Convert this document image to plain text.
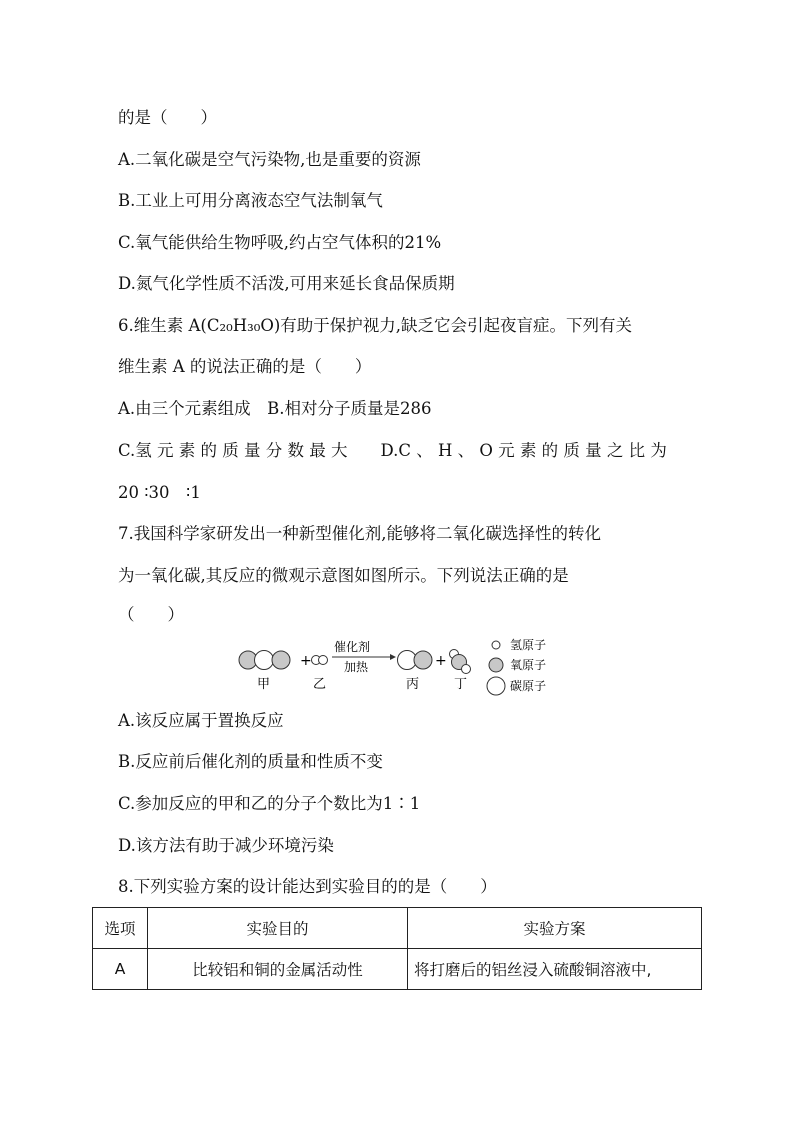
的是（　　）
A.二氧化碳是空气污染物,也是重要的资源
B.工业上可用分离液态空气法制氧气
C.氧气能供给生物呼吸,约占空气体积的21%
D.氮气化学性质不活泼,可用来延长食品保质期
6.维生素 A(C₂₀H₃₀O)有助于保护视力,缺乏它会引起夜盲症。下列有关
维生素 A 的说法正确的是（　　）
A.由三个元素组成　B.相对分子质量是286
C.氢 元 素 的 质 量 分 数 最 大　　D.C 、 H 、 O 元 素 的 质 量 之 比 为
20 ∶30　∶1
7.我国科学家研发出一种新型催化剂,能够将二氧化碳选择性的转化
为一氧化碳,其反应的微观示意图如图所示。下列说法正确的是
（　　）
+
催化剂
加热	+
甲	乙	丙	丁
氢原子
氧原子
碳原子
A.该反应属于置换反应
B.反应前后催化剂的质量和性质不变
C.参加反应的甲和乙的分子个数比为1∶1
D.该方法有助于减少环境污染
8.下列实验方案的设计能达到实验目的的是（　　）
选项	实验目的	实验方案
A	比较铝和铜的金属活动性	将打磨后的铝丝浸入硫酸铜溶液中,
